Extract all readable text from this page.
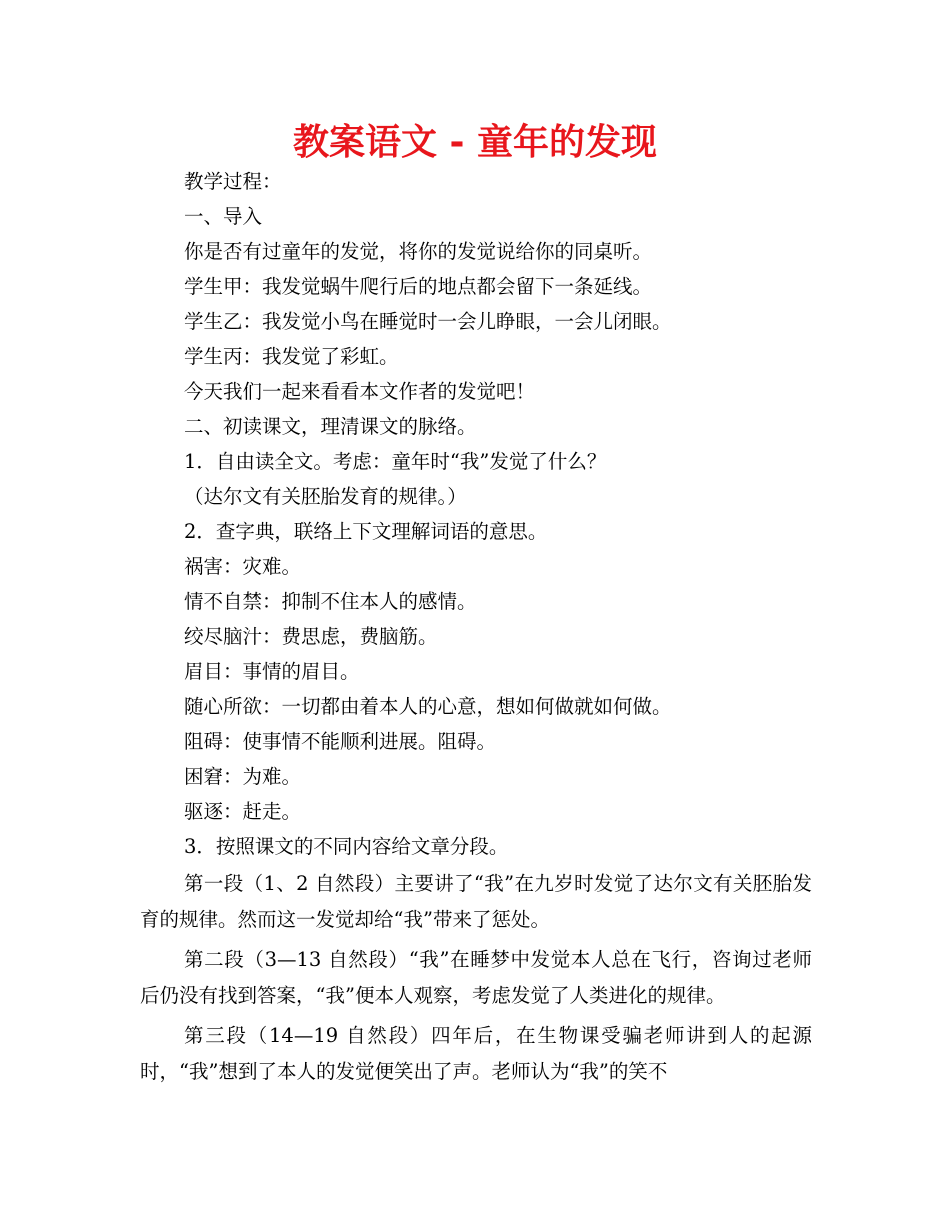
教案语文 - 童年的发现

教学过程：

一、导入

你是否有过童年的发觉，将你的发觉说给你的同桌听。

学生甲：我发觉蜗牛爬行后的地点都会留下一条延线。

学生乙：我发觉小鸟在睡觉时一会儿睁眼，一会儿闭眼。

学生丙：我发觉了彩虹。

今天我们一起来看看本文作者的发觉吧！

二、初读课文，理清课文的脉络。

1．自由读全文。考虑：童年时“我”发觉了什么？

（达尔文有关胚胎发育的规律。）

2．查字典，联络上下文理解词语的意思。

祸害：灾难。

情不自禁：抑制不住本人的感情。

绞尽脑汁：费思虑，费脑筋。

眉目：事情的眉目。

随心所欲：一切都由着本人的心意，想如何做就如何做。

阻碍：使事情不能顺利进展。阻碍。

困窘：为难。

驱逐：赶走。

3．按照课文的不同内容给文章分段。

第一段（1、2 自然段）主要讲了“我”在九岁时发觉了达尔文有关胚胎发育的规律。然而这一发觉却给“我”带来了惩处。

第二段（3—13 自然段）“我”在睡梦中发觉本人总在飞行，咨询过老师后仍没有找到答案，“我”便本人观察，考虑发觉了人类进化的规律。

第三段（14—19 自然段）四年后，在生物课受骗老师讲到人的起源时，“我”想到了本人的发觉便笑出了声。老师认为“我”的笑不
